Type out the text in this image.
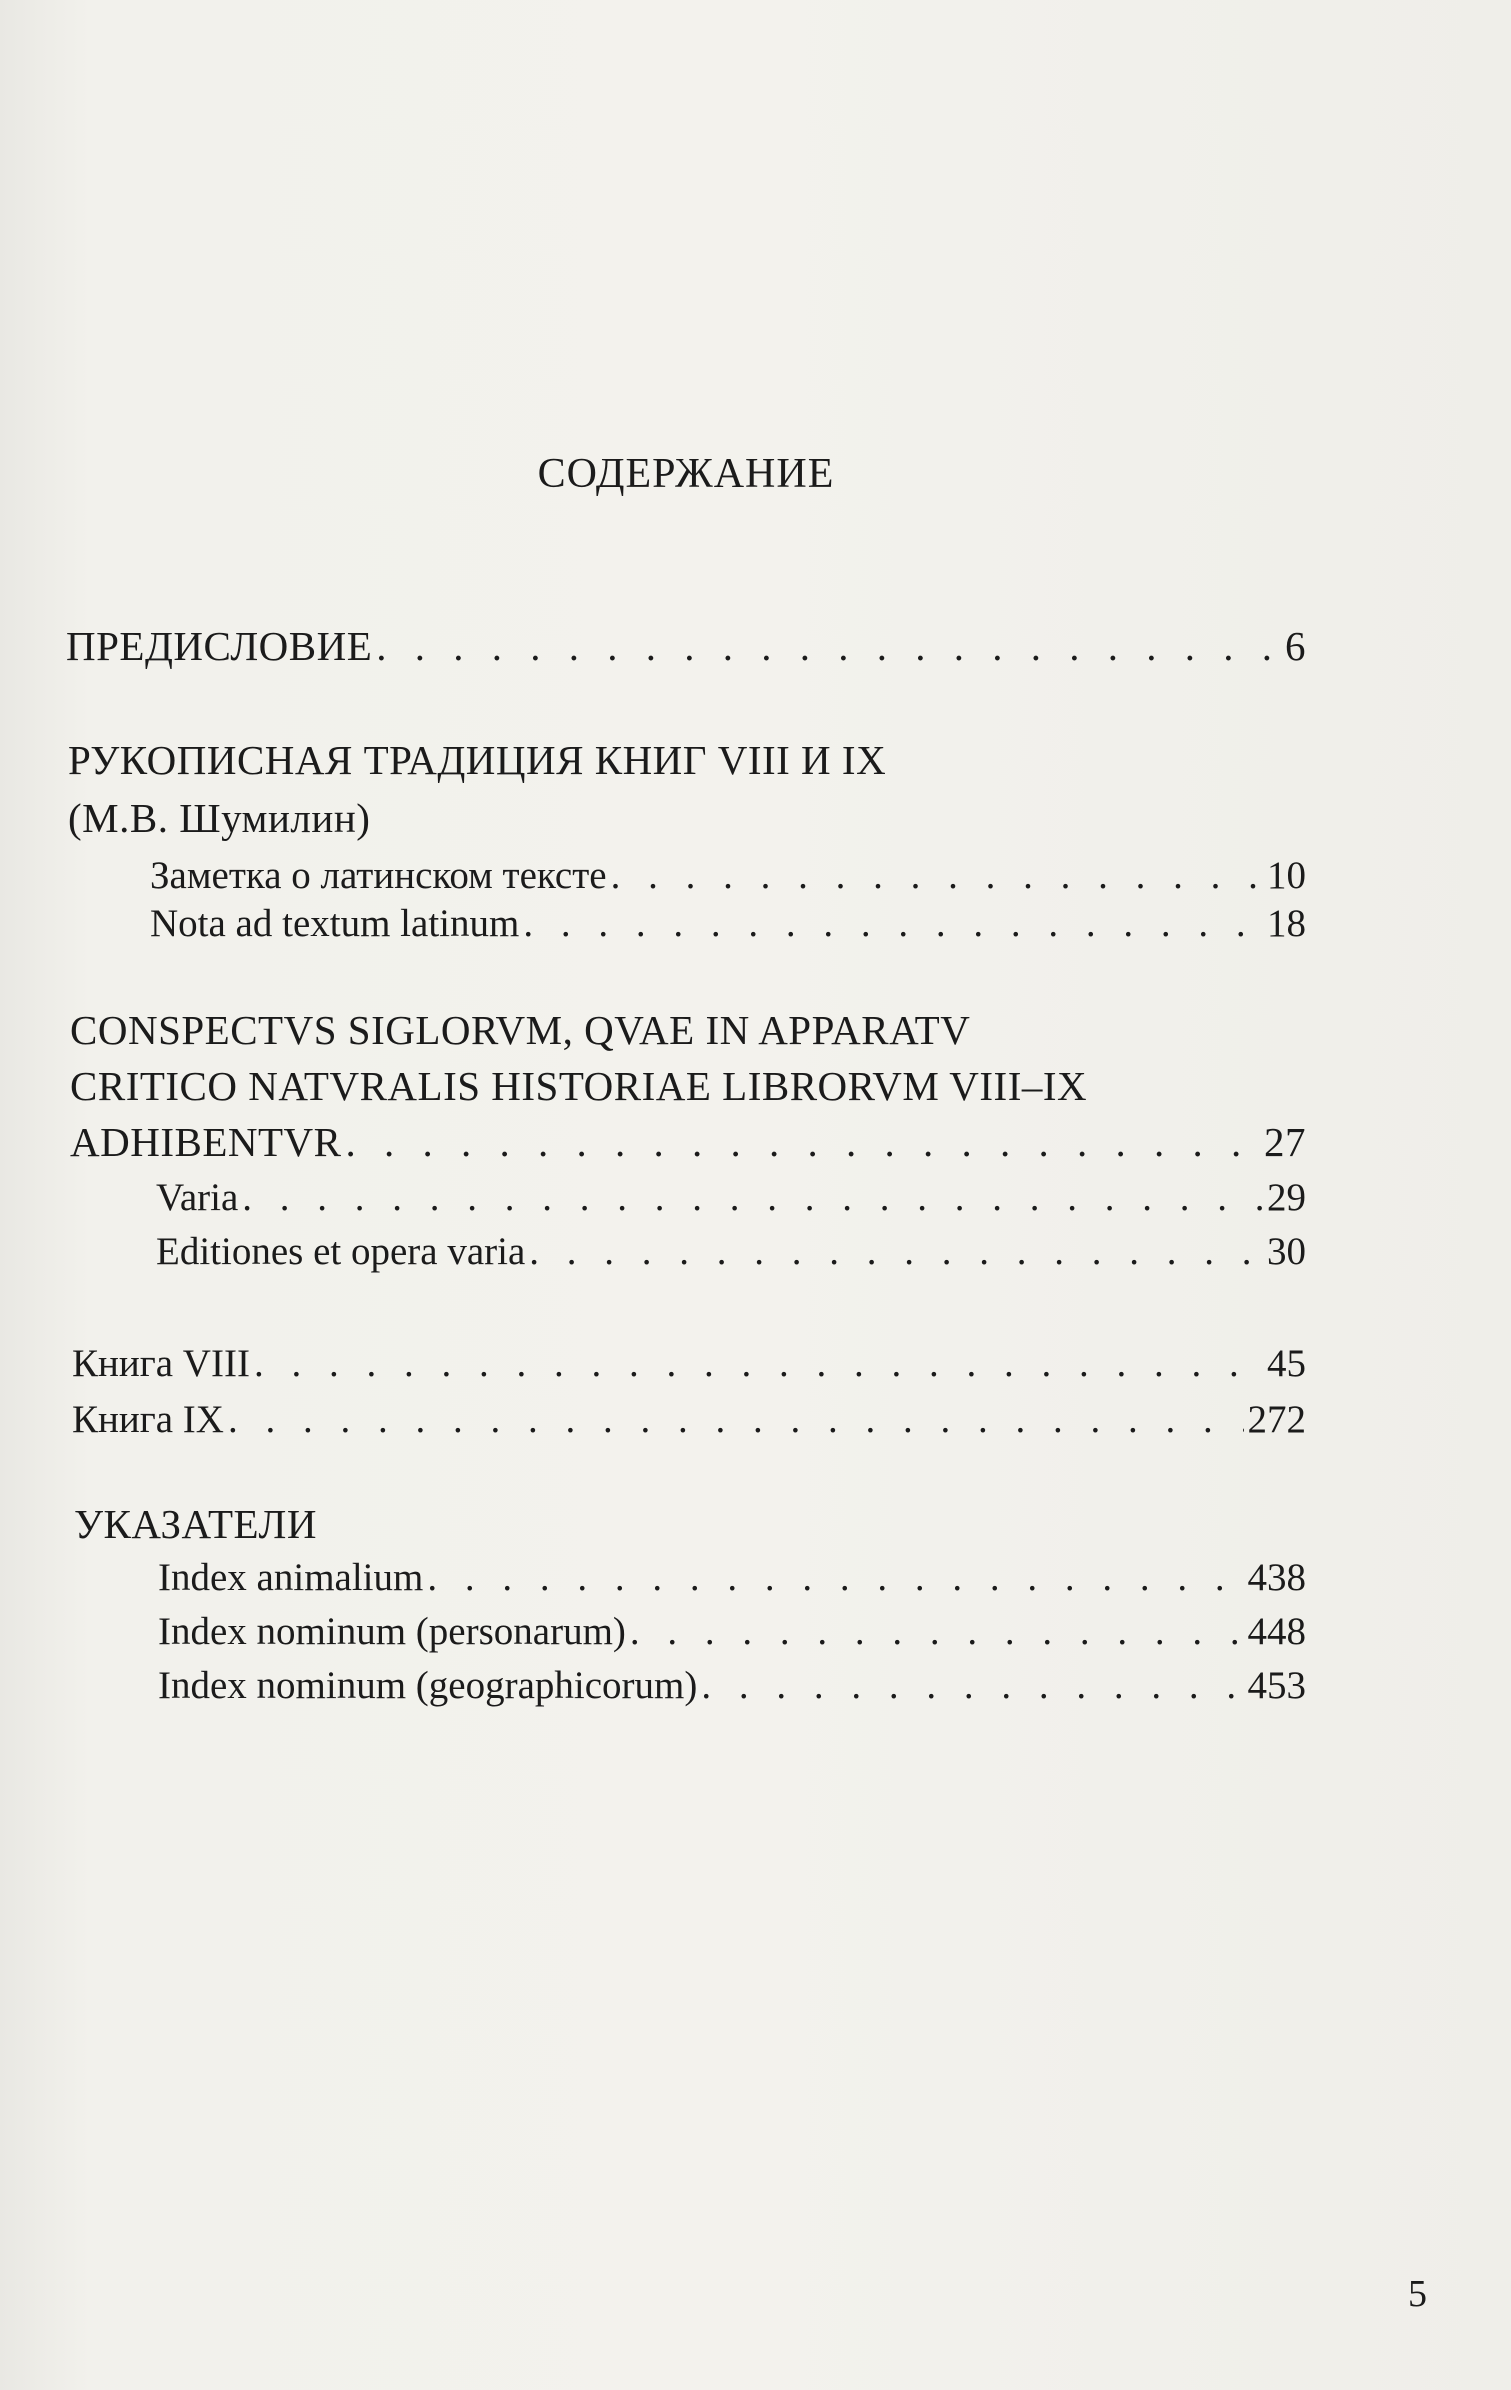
СОДЕРЖАНИЕ
ПРЕДИСЛОВИЕ . . .	6
РУКОПИСНАЯ ТРАДИЦИЯ КНИГ VIII И IX
(М.В. Шумилин)
Заметка о латинском тексте . . .	10
Nota ad textum latinum . . .	18
CONSPECTVS SIGLORVM, QVAE IN APPARATV
CRITICO NATVRALIS HISTORIAE LIBRORVM VIII–IX
ADHIBENTVR . . .	27
Varia . . .	29
Editiones et opera varia . . .	30
Книга VIII . . .	45
Книга IX . . .	272
УКАЗАТЕЛИ
Index animalium . . .	438
Index nominum (personarum) . . .	448
Index nominum (geographicorum) . . .	453
5
